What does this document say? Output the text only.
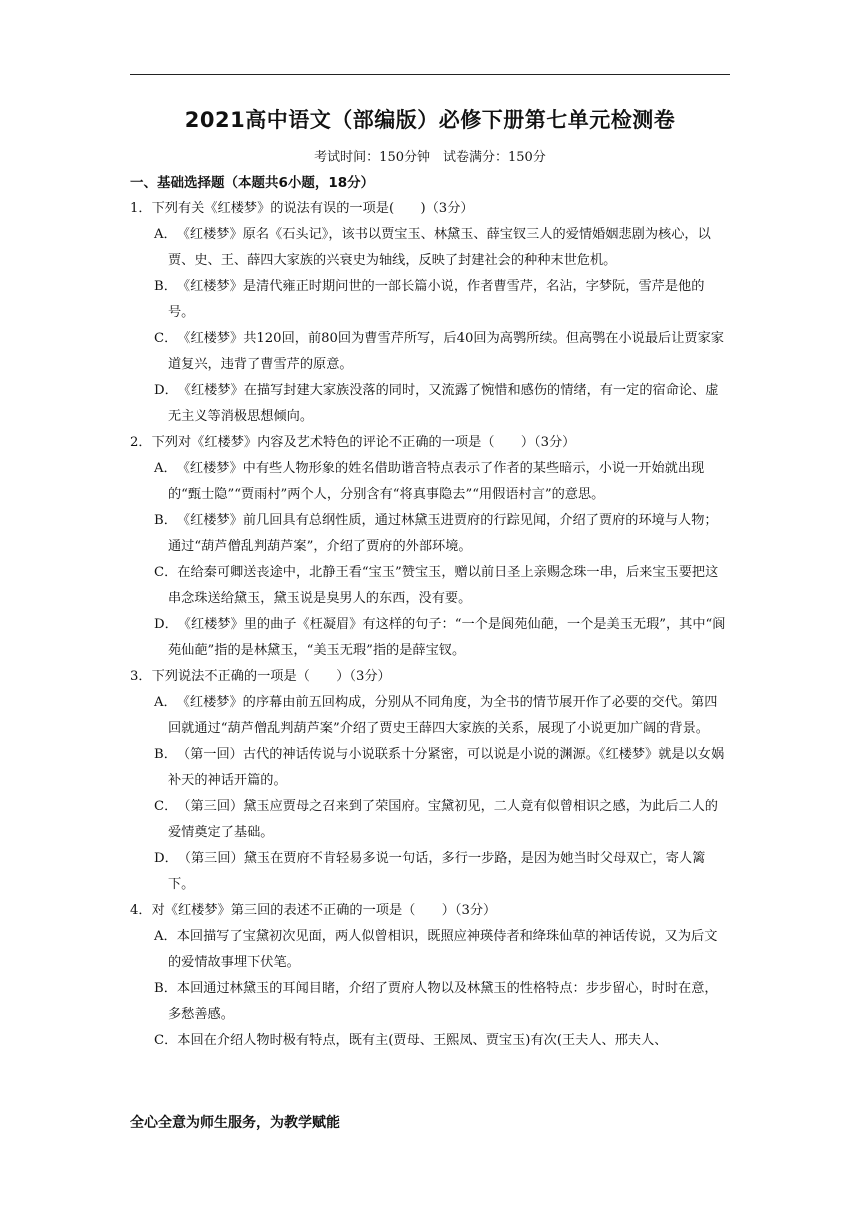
2021高中语文（部编版）必修下册第七单元检测卷
考试时间：150分钟　试卷满分：150分
一、基础选择题（本题共6小题，18分）
1．下列有关《红楼梦》的说法有误的一项是(　　)（3分）
A．《红楼梦》原名《石头记》，该书以贾宝玉、林黛玉、薛宝钗三人的爱情婚姻悲剧为核心，以贾、史、王、薛四大家族的兴衰史为轴线，反映了封建社会的种种末世危机。
B．《红楼梦》是清代雍正时期问世的一部长篇小说，作者曹雪芹，名沾，字梦阮，雪芹是他的号。
C．《红楼梦》共120回，前80回为曹雪芹所写，后40回为高鹗所续。但高鹗在小说最后让贾家家道复兴，违背了曹雪芹的原意。
D．《红楼梦》在描写封建大家族没落的同时，又流露了惋惜和感伤的情绪，有一定的宿命论、虚无主义等消极思想倾向。
2．下列对《红楼梦》内容及艺术特色的评论不正确的一项是（　　）（3分）
A．《红楼梦》中有些人物形象的姓名借助谐音特点表示了作者的某些暗示，小说一开始就出现的“甄士隐”“贾雨村”两个人，分别含有“将真事隐去”“用假语村言”的意思。
B．《红楼梦》前几回具有总纲性质，通过林黛玉进贾府的行踪见闻，介绍了贾府的环境与人物；通过“葫芦僧乱判葫芦案”，介绍了贾府的外部环境。
C．在给秦可卿送丧途中，北静王看“宝玉”赞宝玉，赠以前日圣上亲赐念珠一串，后来宝玉要把这串念珠送给黛玉，黛玉说是臭男人的东西，没有要。
D．《红楼梦》里的曲子《枉凝眉》有这样的句子：“一个是阆苑仙葩，一个是美玉无瑕”，其中“阆苑仙葩”指的是林黛玉，“美玉无瑕”指的是薛宝钗。
3．下列说法不正确的一项是（　　）（3分）
A．《红楼梦》的序幕由前五回构成，分别从不同角度，为全书的情节展开作了必要的交代。第四回就通过“葫芦僧乱判葫芦案”介绍了贾史王薛四大家族的关系，展现了小说更加广阔的背景。
B．（第一回）古代的神话传说与小说联系十分紧密，可以说是小说的渊源。《红楼梦》就是以女娲补天的神话开篇的。
C．（第三回）黛玉应贾母之召来到了荣国府。宝黛初见，二人竟有似曾相识之感，为此后二人的爱情奠定了基础。
D．（第三回）黛玉在贾府不肯轻易多说一句话，多行一步路，是因为她当时父母双亡，寄人篱下。
4．对《红楼梦》第三回的表述不正确的一项是（　　）（3分）
A．本回描写了宝黛初次见面，两人似曾相识，既照应神瑛侍者和绛珠仙草的神话传说，又为后文的爱情故事埋下伏笔。
B．本回通过林黛玉的耳闻目睹，介绍了贾府人物以及林黛玉的性格特点：步步留心，时时在意，多愁善感。
C．本回在介绍人物时极有特点，既有主(贾母、王熙凤、贾宝玉)有次(王夫人、邢夫人、
全心全意为师生服务，为教学赋能
